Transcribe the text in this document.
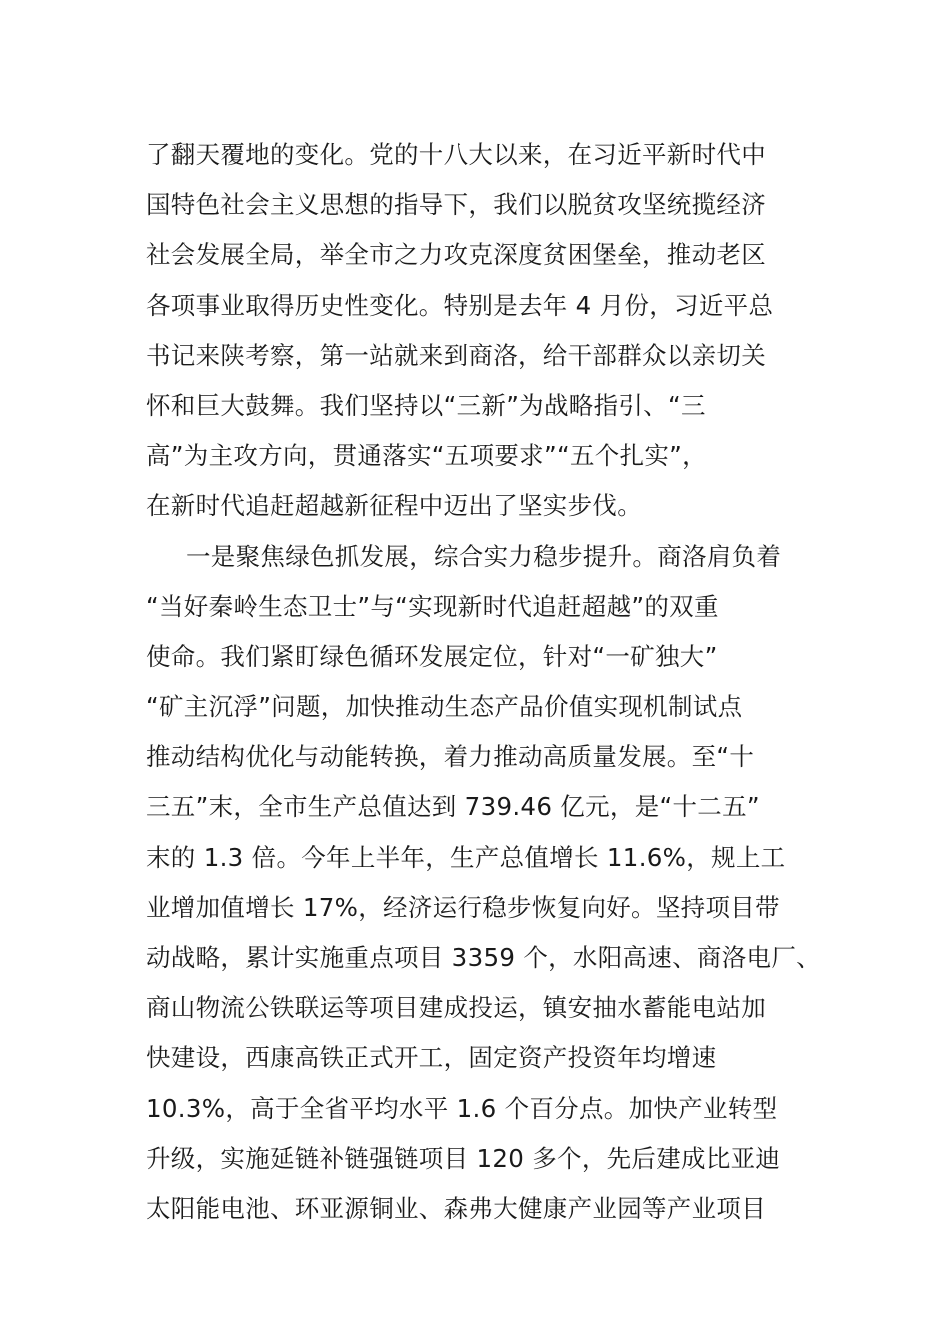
了翻天覆地的变化。党的十八大以来，在习近平新时代中
国特色社会主义思想的指导下，我们以脱贫攻坚统揽经济
社会发展全局，举全市之力攻克深度贫困堡垒，推动老区
各项事业取得历史性变化。特别是去年 4 月份，习近平总
书记来陕考察，第一站就来到商洛，给干部群众以亲切关
怀和巨大鼓舞。我们坚持以“三新”为战略指引、“三
高”为主攻方向，贯通落实“五项要求”“五个扎实”，
在新时代追赶超越新征程中迈出了坚实步伐。
一是聚焦绿色抓发展，综合实力稳步提升。商洛肩负着
“当好秦岭生态卫士”与“实现新时代追赶超越”的双重
使命。我们紧盯绿色循环发展定位，针对“一矿独大”
“矿主沉浮”问题，加快推动生态产品价值实现机制试点
推动结构优化与动能转换，着力推动高质量发展。至“十
三五”末，全市生产总值达到 739.46 亿元，是“十二五”
末的 1.3 倍。今年上半年，生产总值增长 11.6%，规上工
业增加值增长 17%，经济运行稳步恢复向好。坚持项目带
动战略，累计实施重点项目 3359 个，水阳高速、商洛电厂、
商山物流公铁联运等项目建成投运，镇安抽水蓄能电站加
快建设，西康高铁正式开工，固定资产投资年均增速
10.3%，高于全省平均水平 1.6 个百分点。加快产业转型
升级，实施延链补链强链项目 120 多个，先后建成比亚迪
太阳能电池、环亚源铜业、森弗大健康产业园等产业项目
